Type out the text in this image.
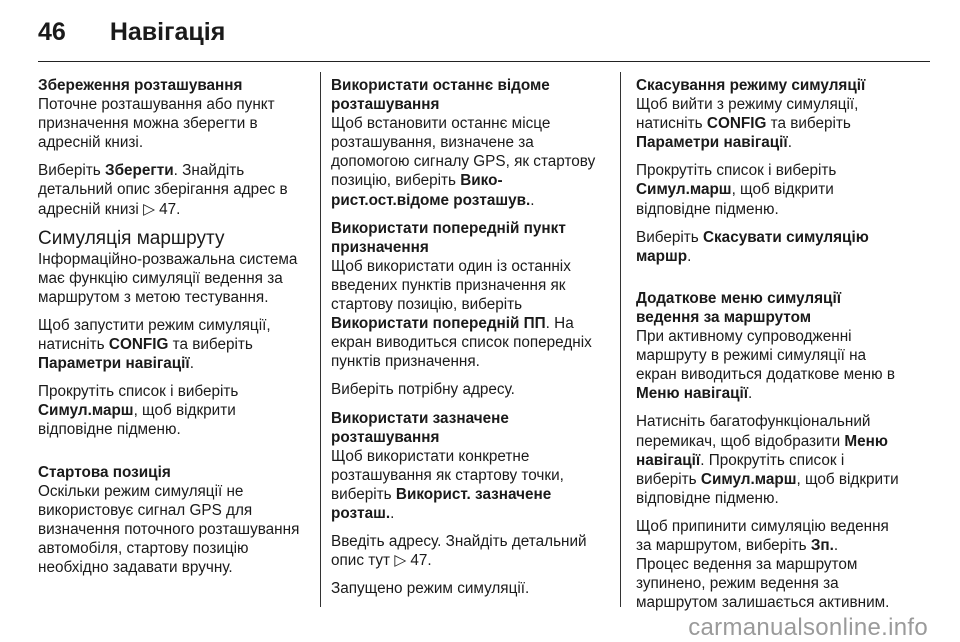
46 Навігація
Збереження розташування

Поточне розташування або пункт призначення можна зберегти в адресній книзі.

Виберіть Зберегти. Знайдіть детальний опис зберігання адрес в адресній книзі ▷ 47.

Симуляція маршруту

Інформаційно-розважальна система має функцію симуляції ведення за маршрутом з метою тестування.

Щоб запустити режим симуляції, натисніть CONFIG та виберіть Параметри навігації.

Прокрутіть список і виберіть Симул.марш, щоб відкрити відповідне підменю.

Стартова позиція

Оскільки режим симуляції не використовує сигнал GPS для визначення поточного розташування автомобіля, стартову позицію необхідно задавати вручну.

Використати останнє відоме розташування

Щоб встановити останнє місце розташування, визначене за допомогою сигналу GPS, як стартову позицію, виберіть Вико-рист.ост.відоме розташув..

Використати попередній пункт призначення

Щоб використати один із останніх введених пунктів призначення як стартову позицію, виберіть Використати попередній ПП. На екран виводиться список попередніх пунктів призначення.

Виберіть потрібну адресу.

Використати зазначене розташування

Щоб використати конкретне розташування як стартову точки, виберіть Використ. зазначене розташ..

Введіть адресу. Знайдіть детальний опис тут ▷ 47.

Запущено режим симуляції.

Скасування режиму симуляції

Щоб вийти з режиму симуляції, натисніть CONFIG та виберіть Параметри навігації.

Прокрутіть список і виберіть Симул.марш, щоб відкрити відповідне підменю.

Виберіть Скасувати симуляцію маршр.

Додаткове меню симуляції ведення за маршрутом

При активному супроводженні маршруту в режимі симуляції на екран виводиться додаткове меню в Меню навігації.

Натисніть багатофункціональний перемикач, щоб відобразити Меню навігації. Прокрутіть список і виберіть Симул.марш, щоб відкрити відповідне підменю.

Щоб припинити симуляцію ведення за маршрутом, виберіть Зп..

Процес ведення за маршрутом зупинено, режим ведення за маршрутом залишається активним.

carmanualsonline.info
